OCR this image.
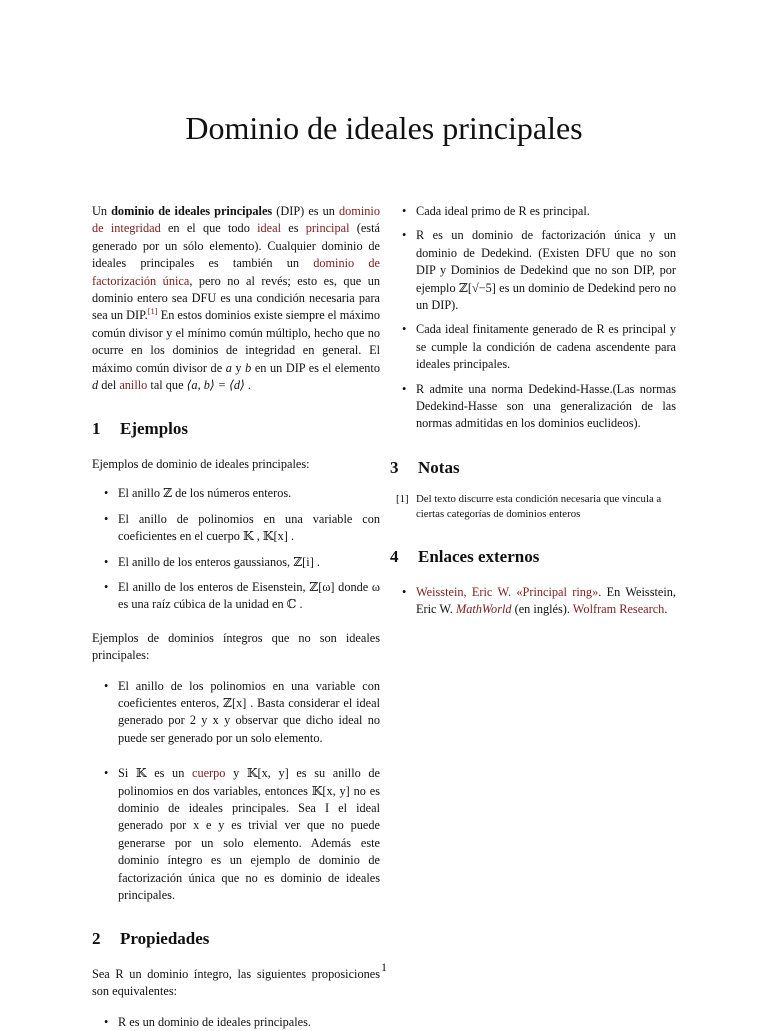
Dominio de ideales principales

Un dominio de ideales principales (DIP) es un dominio de integridad en el que todo ideal es principal (está generado por un sólo elemento). Cualquier dominio de ideales principales es también un dominio de factorización única, pero no al revés; esto es, que un dominio entero sea DFU es una condición necesaria para sea un DIP.[1] En estos dominios existe siempre el máximo común divisor y el mínimo común múltiplo, hecho que no ocurre en los dominios de integridad en general. El máximo común divisor de a y b en un DIP es el elemento d del anillo tal que ⟨a, b⟩ = ⟨d⟩ .

1 Ejemplos

Ejemplos de dominio de ideales principales:

• El anillo ℤ de los números enteros.
• El anillo de polinomios en una variable con coeficientes en el cuerpo 𝕂 , 𝕂[x] .
• El anillo de los enteros gaussianos, ℤ[i] .
• El anillo de los enteros de Eisenstein, ℤ[ω] donde ω es una raíz cúbica de la unidad en ℂ .

Ejemplos de dominios íntegros que no son ideales principales:

• El anillo de los polinomios en una variable con coeficientes enteros, ℤ[x] . Basta considerar el ideal generado por 2 y x y observar que dicho ideal no puede ser generado por un solo elemento.
• Si 𝕂 es un cuerpo y 𝕂[x, y] es su anillo de polinomios en dos variables, entonces 𝕂[x, y] no es dominio de ideales principales. Sea I el ideal generado por x e y es trivial ver que no puede generarse por un solo elemento. Además este dominio íntegro es un ejemplo de dominio de factorización única que no es dominio de ideales principales.
2 Propiedades

Sea R un dominio íntegro, las siguientes proposiciones son equivalentes:

• R es un dominio de ideales principales.
• Cada ideal primo de R es principal.
• R es un dominio de factorización única y un dominio de Dedekind. (Existen DFU que no son DIP y Dominios de Dedekind que no son DIP, por ejemplo ℤ[√−5] es un dominio de Dedekind pero no un DIP).
• Cada ideal finitamente generado de R es principal y se cumple la condición de cadena ascendente para ideales principales.
• R admite una norma Dedekind-Hasse.(Las normas Dedekind-Hasse son una generalización de las normas admitidas en los dominios euclideos).
3 Notas
[1] Del texto discurre esta condición necesaria que vincula a ciertas categorías de dominios enteros
4 Enlaces externos
• Weisstein, Eric W. «Principal ring». En Weisstein, Eric W. MathWorld (en inglés). Wolfram Research.
1
